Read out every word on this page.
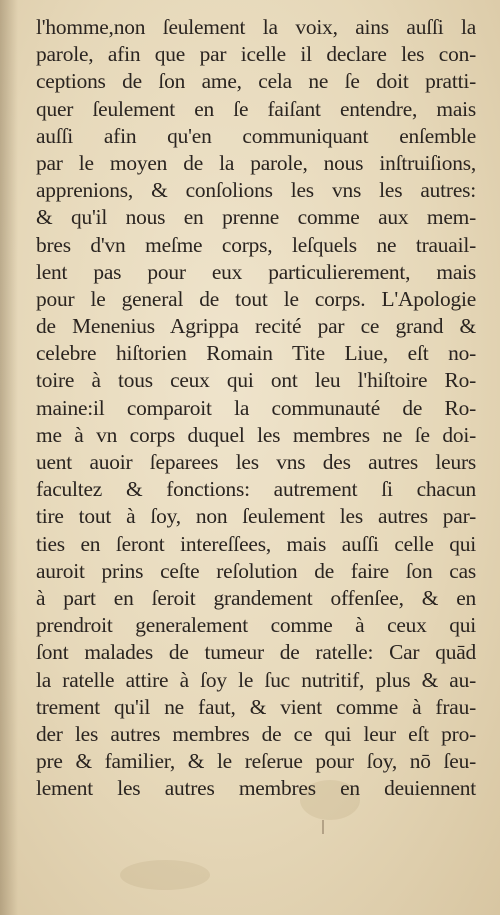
l'homme,non ſeulement la voix, ains auſſi la
parole, afin que par icelle il declare les con-
ceptions de ſon ame, cela ne ſe doit pratti-
quer ſeulement en ſe faiſant entendre, mais
auſſi afin qu'en communiquant enſemble
par le moyen de la parole, nous inſtruiſions,
apprenions, & conſolions les vns les autres:
& qu'il nous en prenne comme aux mem-
bres d'vn meſme corps, leſquels ne trauail-
lent pas pour eux particulierement, mais
pour le general de tout le corps. L'Apologie
de Menenius Agrippa recité par ce grand &
celebre hiſtorien Romain Tite Liue, eſt no-
toire à tous ceux qui ont leu l'hiſtoire Ro-
maine:il comparoit la communauté de Ro-
me à vn corps duquel les membres ne ſe doi-
uent auoir ſeparees les vns des autres leurs
facultez & fonctions: autrement ſi chacun
tire tout à ſoy, non ſeulement les autres par-
ties en ſeront intereſſees, mais auſſi celle qui
auroit prins ceſte reſolution de faire ſon cas
à part en ſeroit grandement offenſee, & en
prendroit generalement comme à ceux qui
ſont malades de tumeur de ratelle: Car quād
la ratelle attire à ſoy le ſuc nutritif, plus & au-
trement qu'il ne faut, & vient comme à frau-
der les autres membres de ce qui leur eſt pro-
pre & familier, & le reſerue pour ſoy, nō ſeu-
lement les autres membres en deuiennent
